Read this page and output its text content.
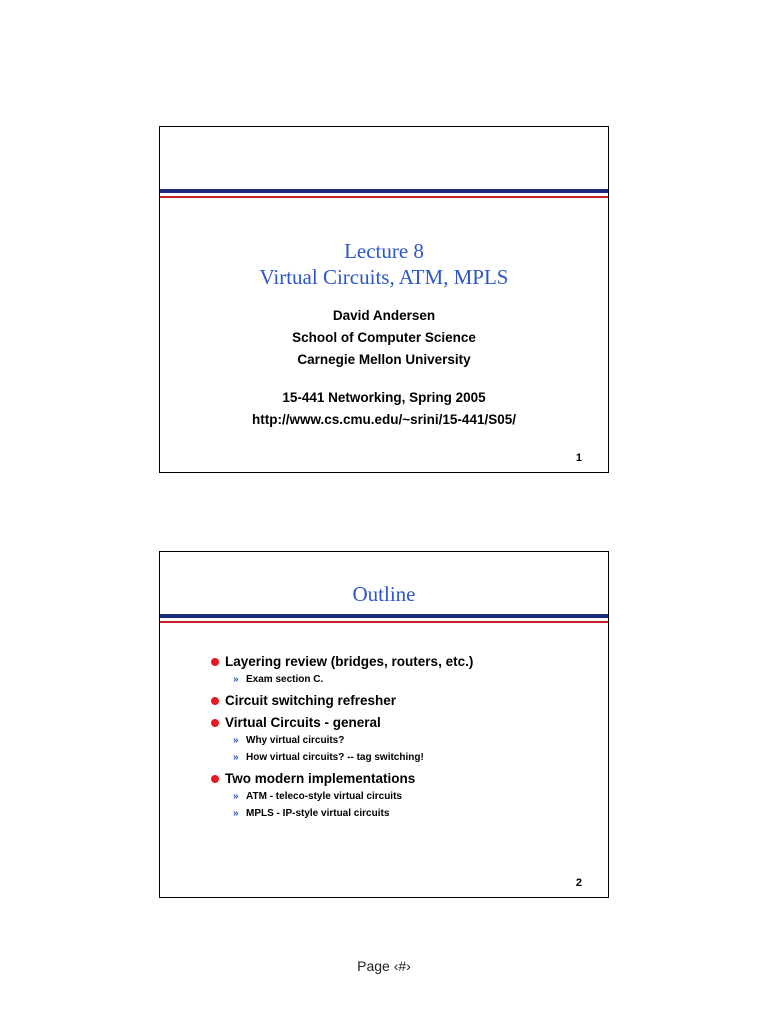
Lecture 8
Virtual Circuits, ATM, MPLS
David Andersen
School of Computer Science
Carnegie Mellon University
15-441 Networking, Spring 2005
http://www.cs.cmu.edu/~srini/15-441/S05/
1
Outline
Layering review (bridges, routers, etc.)
» Exam section C.
Circuit switching refresher
Virtual Circuits - general
» Why virtual circuits?
» How virtual circuits? -- tag switching!
Two modern implementations
» ATM - teleco-style virtual circuits
» MPLS - IP-style virtual circuits
2
Page ‹#›
